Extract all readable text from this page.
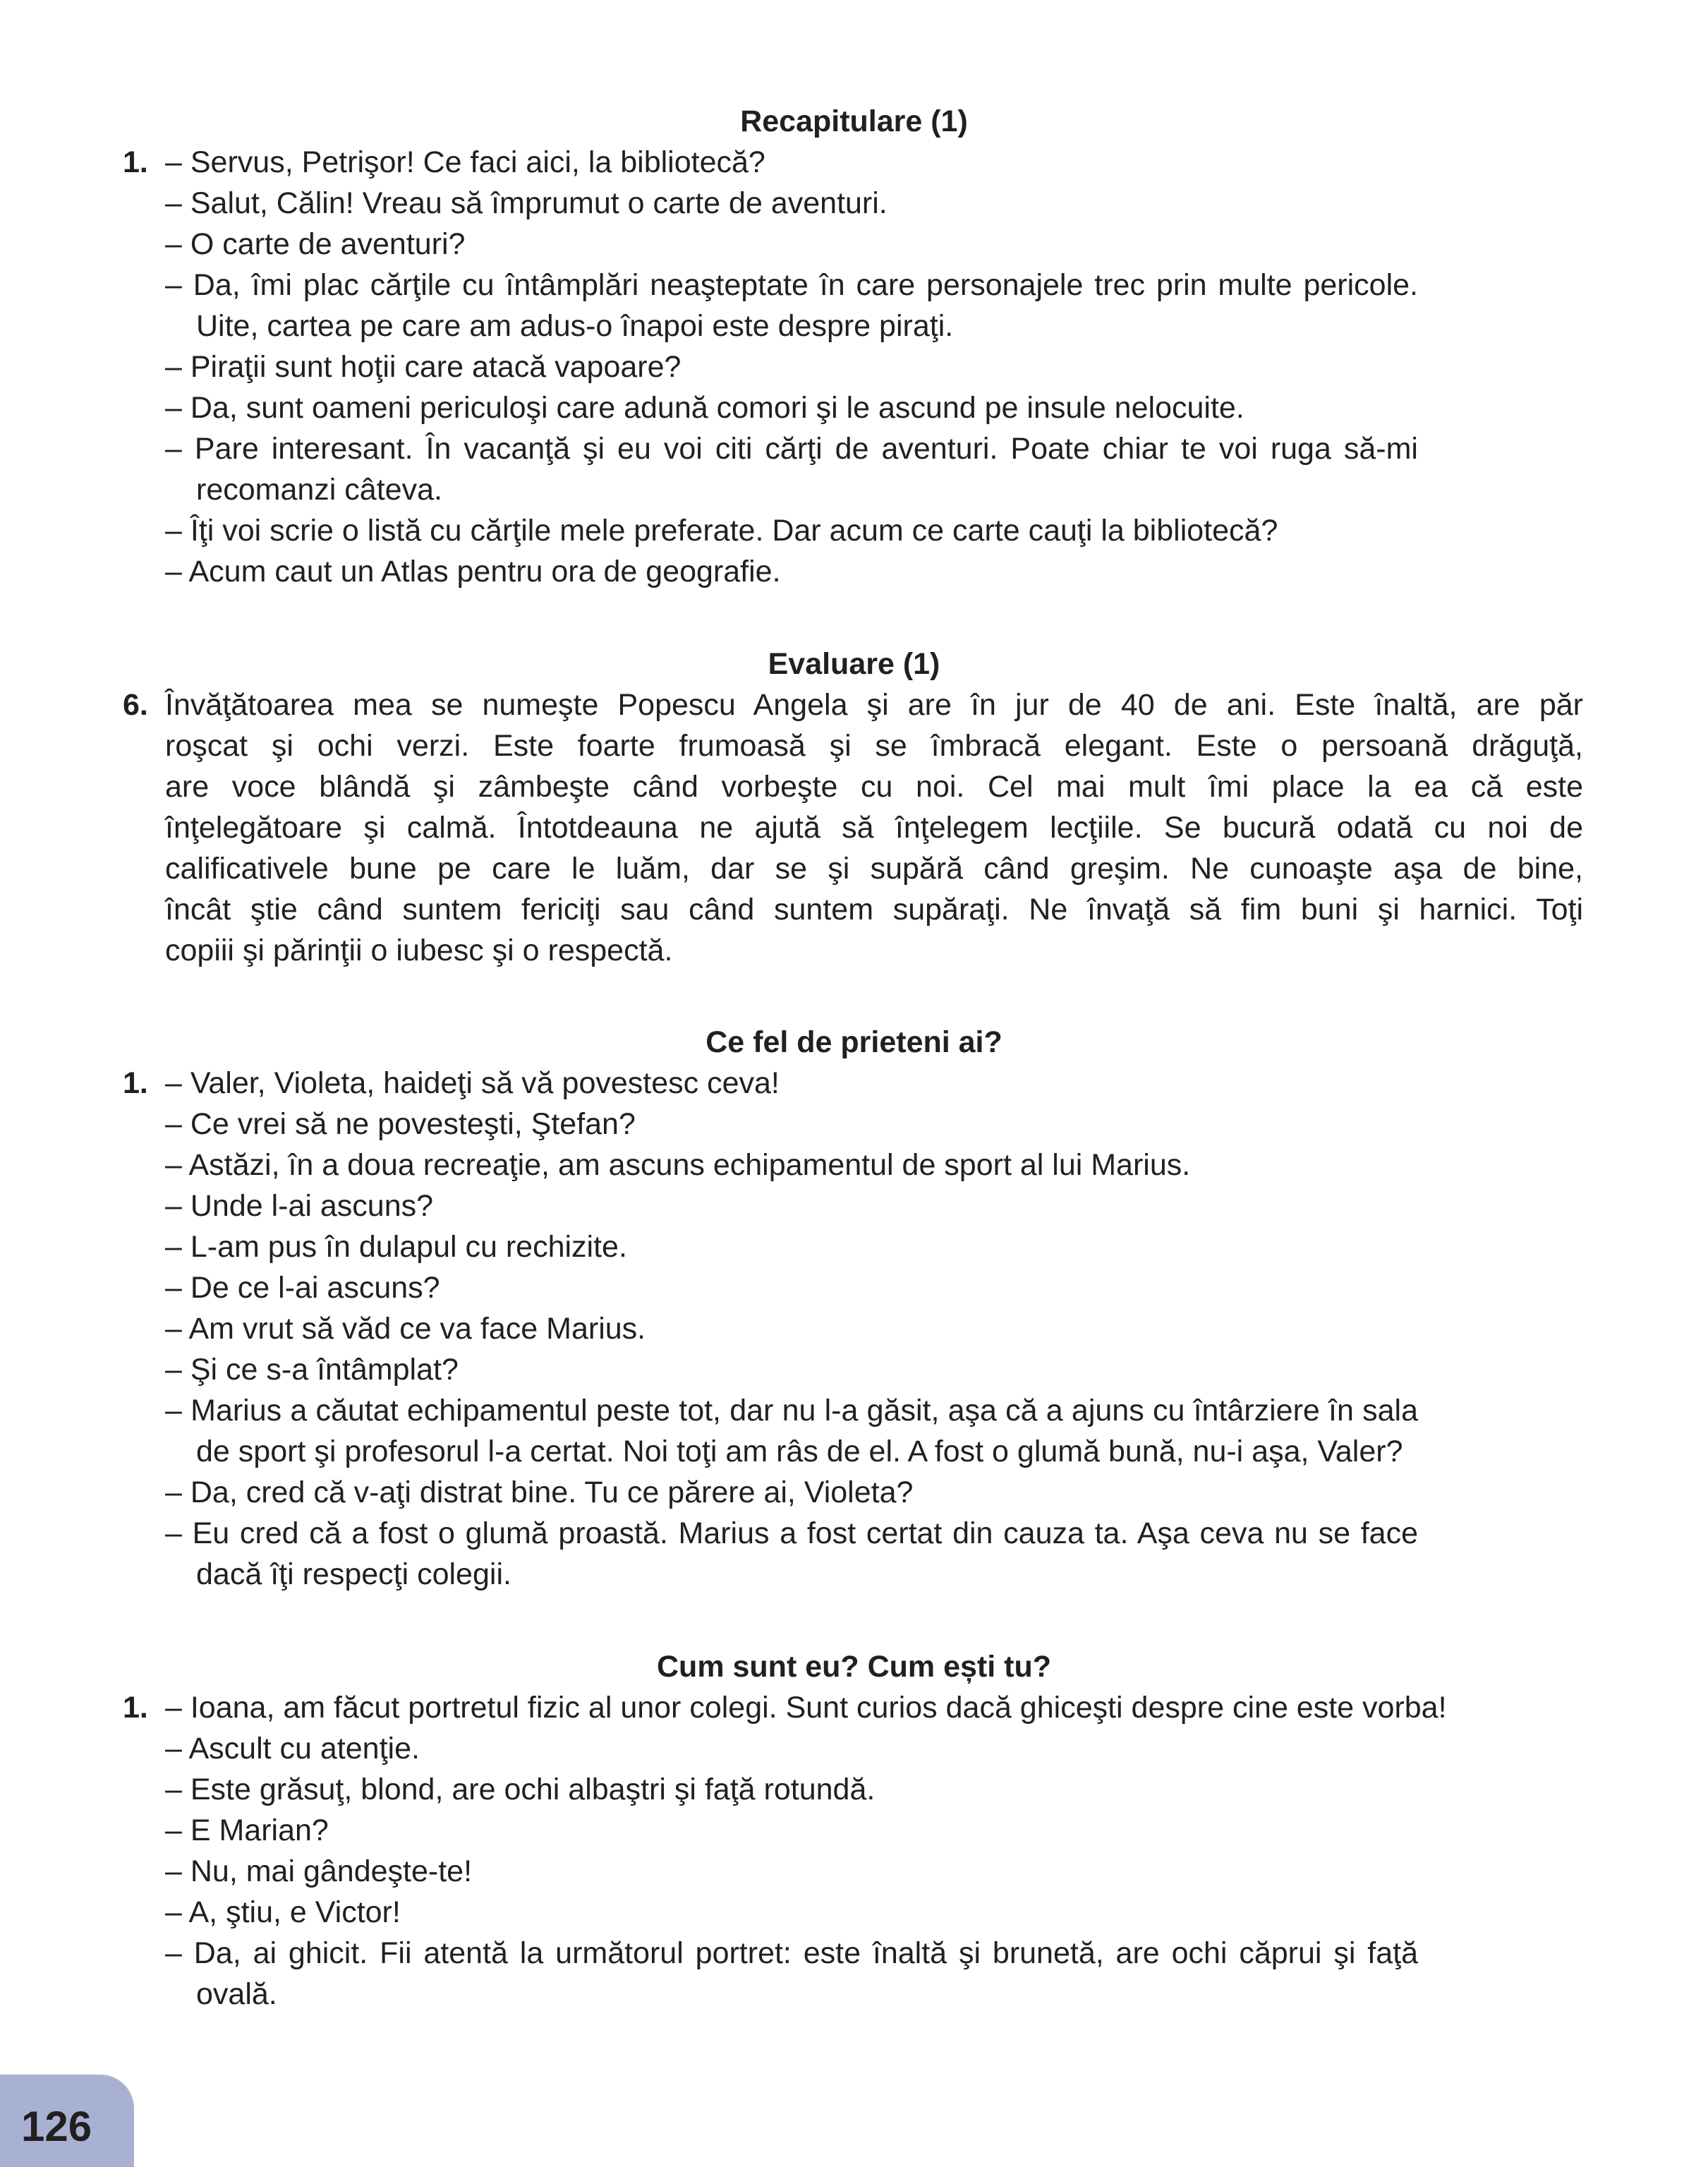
Recapitulare (1)
1. – Servus, Petrişor! Ce faci aici, la bibliotecă?
– Salut, Călin! Vreau să împrumut o carte de aventuri.
– O carte de aventuri?
– Da, îmi plac cărţile cu întâmplări neaşteptate în care personajele trec prin multe pericole.
Uite, cartea pe care am adus-o înapoi este despre piraţi.
– Piraţii sunt hoţii care atacă vapoare?
– Da, sunt oameni periculoşi care adună comori şi le ascund pe insule nelocuite.
– Pare interesant. În vacanţă şi eu voi citi cărţi de aventuri. Poate chiar te voi ruga să-mi
recomanzi câteva.
– Îţi voi scrie o listă cu cărţile mele preferate. Dar acum ce carte cauţi la bibliotecă?
– Acum caut un Atlas pentru ora de geografie.
Evaluare (1)
6. Învăţătoarea mea se numeşte Popescu Angela şi are în jur de 40 de ani. Este înaltă, are păr
roşcat şi ochi verzi. Este foarte frumoasă şi se îmbracă elegant. Este o persoană drăguţă,
are voce blândă şi zâmbeşte când vorbeşte cu noi. Cel mai mult îmi place la ea că este
înţelegătoare şi calmă. Întotdeauna ne ajută să înţelegem lecţiile. Se bucură odată cu noi de
calificativele bune pe care le luăm, dar se şi supără când greşim. Ne cunoaşte aşa de bine,
încât ştie când suntem fericiţi sau când suntem supăraţi. Ne învaţă să fim buni şi harnici. Toţi
copiii şi părinţii o iubesc şi o respectă.
Ce fel de prieteni ai?
1. – Valer, Violeta, haideţi să vă povestesc ceva!
– Ce vrei să ne povesteşti, Ştefan?
– Astăzi, în a doua recreaţie, am ascuns echipamentul de sport al lui Marius.
– Unde l-ai ascuns?
– L-am pus în dulapul cu rechizite.
– De ce l-ai ascuns?
– Am vrut să văd ce va face Marius.
– Şi ce s-a întâmplat?
– Marius a căutat echipamentul peste tot, dar nu l-a găsit, aşa că a ajuns cu întârziere în sala
de sport şi profesorul l-a certat. Noi toţi am râs de el. A fost o glumă bună, nu-i aşa, Valer?
– Da, cred că v-aţi distrat bine. Tu ce părere ai, Violeta?
– Eu cred că a fost o glumă proastă. Marius a fost certat din cauza ta. Aşa ceva nu se face
dacă îţi respecţi colegii.
Cum sunt eu? Cum ești tu?
1. – Ioana, am făcut portretul fizic al unor colegi. Sunt curios dacă ghiceşti despre cine este vorba!
– Ascult cu atenţie.
– Este grăsuţ, blond, are ochi albaştri şi faţă rotundă.
– E Marian?
– Nu, mai gândeşte-te!
– A, ştiu, e Victor!
– Da, ai ghicit. Fii atentă la următorul portret: este înaltă şi brunetă, are ochi căprui şi faţă
ovală.
126
